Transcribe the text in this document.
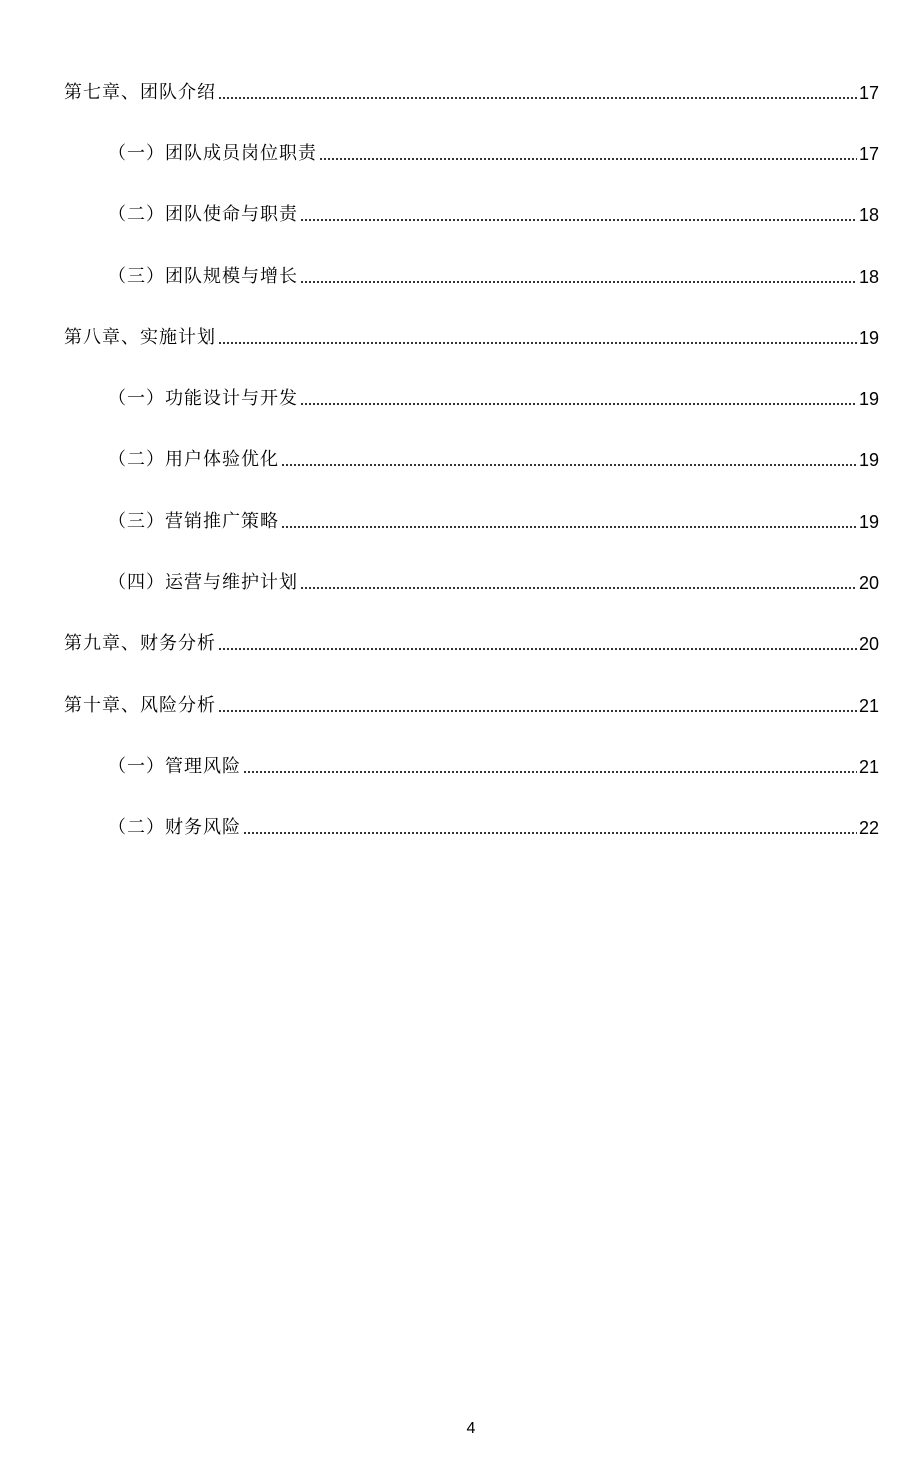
第七章、团队介绍	17
（一）团队成员岗位职责	17
（二）团队使命与职责	18
（三）团队规模与增长	18
第八章、实施计划	19
（一）功能设计与开发	19
（二）用户体验优化	19
（三）营销推广策略	19
（四）运营与维护计划	20
第九章、财务分析	20
第十章、风险分析	21
（一）管理风险	21
（二）财务风险	22
4
